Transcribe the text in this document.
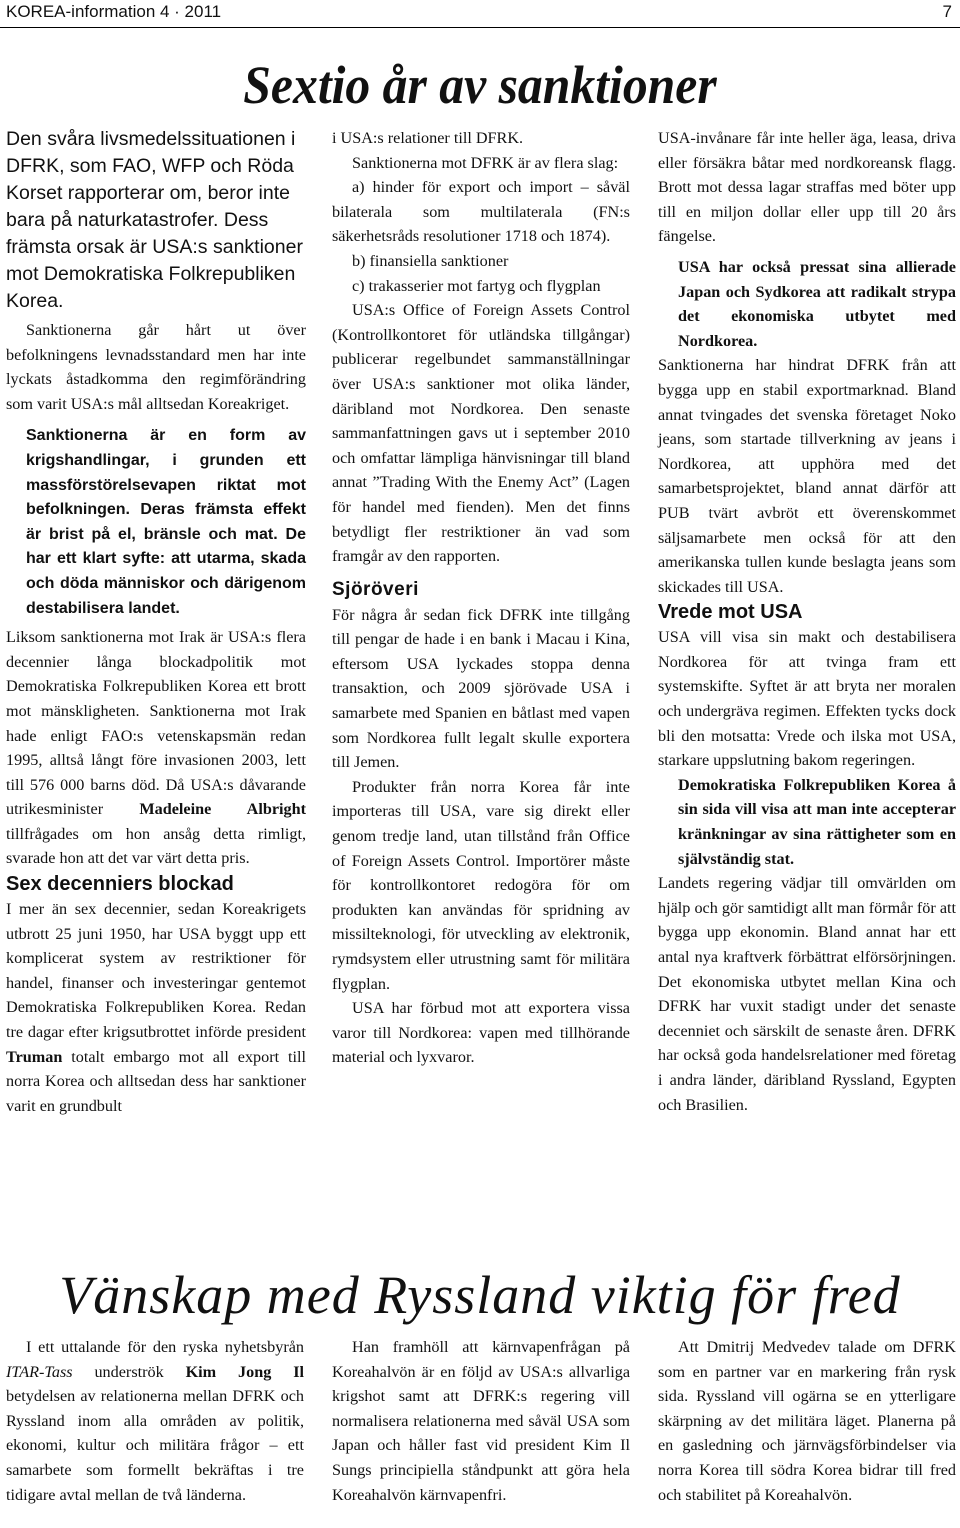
KOREA-information 4 · 2011	7
Sextio år av sanktioner

Den svåra livsmedelssituationen i DFRK, som FAO, WFP och Röda Korset rapporterar om, beror inte bara på naturkatastrofer. Dess främsta orsak är USA:s sanktioner mot Demokratiska Folkrepubliken Korea.

Sanktionerna går hårt ut över befolkningens levnadsstandard men har inte lyckats åstadkomma den regimförändring som varit USA:s mål alltsedan Koreakriget.

Sanktionerna är en form av krigshandlingar, i grunden ett massförstörelsevapen riktat mot befolkningen. Deras främsta effekt är brist på el, bränsle och mat. De har ett klart syfte: att utarma, skada och döda människor och därigenom destabilisera landet.

Liksom sanktionerna mot Irak är USA:s flera decennier långa blockadpolitik mot Demokratiska Folkrepubliken Korea ett brott mot mänskligheten. Sanktionerna mot Irak hade enligt FAO:s vetenskapsmän redan 1995, alltså långt före invasionen 2003, lett till 576 000 barns död. Då USA:s dåvarande utrikesminister Madeleine Albright tillfrågades om hon ansåg detta rimligt, svarade hon att det var värt detta pris.

Sex decenniers blockad

I mer än sex decennier, sedan Koreakrigets utbrott 25 juni 1950, har USA byggt upp ett komplicerat system av restriktioner för handel, finanser och investeringar gentemot Demokratiska Folkrepubliken Korea. Redan tre dagar efter krigsutbrottet införde president Truman totalt embargo mot all export till norra Korea och alltsedan dess har sanktioner varit en grundbult

i USA:s relationer till DFRK.

Sanktionerna mot DFRK är av flera slag:

a) hinder för export och import – såväl bilaterala som multilaterala (FN:s säkerhetsråds resolutioner 1718 och 1874).

b) finansiella sanktioner

c) trakasserier mot fartyg och flygplan

USA:s Office of Foreign Assets Control (Kontrollkontoret för utländska tillgångar) publicerar regelbundet sammanställningar över USA:s sanktioner mot olika länder, däribland mot Nordkorea. Den senaste sammanfattningen gavs ut i september 2010 och omfattar lämpliga hänvisningar till bland annat ”Trading With the Enemy Act” (Lagen för handel med fienden). Men det finns betydligt fler restriktioner än vad som framgår av den rapporten.

Sjöröveri

För några år sedan fick DFRK inte tillgång till pengar de hade i en bank i Macau i Kina, eftersom USA lyckades stoppa denna transaktion, och 2009 sjörövade USA i samarbete med Spanien en båtlast med vapen som Nordkorea fullt legalt skulle exportera till Jemen.

Produkter från norra Korea får inte importeras till USA, vare sig direkt eller genom tredje land, utan tillstånd från Office of Foreign Assets Control. Importörer måste för kontrollkontoret redogöra för om produkten kan användas för spridning av missilteknologi, för utveckling av elektronik, rymdsystem eller utrustning samt för militära flygplan.

USA har förbud mot att exportera vissa varor till Nordkorea: vapen med tillhörande material och lyxvaror.

USA-invånare får inte heller äga, leasa, driva eller försäkra båtar med nordkoreansk flagg. Brott mot dessa lagar straffas med böter upp till en miljon dollar eller upp till 20 års fängelse.

USA har också pressat sina allierade Japan och Sydkorea att radikalt strypa det ekonomiska utbytet med Nordkorea.

Sanktionerna har hindrat DFRK från att bygga upp en stabil exportmarknad. Bland annat tvingades det svenska företaget Noko jeans, som startade tillverkning av jeans i Nordkorea, att upphöra med det samarbetsprojektet, bland annat därför att PUB tvärt avbröt ett överenskommet säljsamarbete men också för att den amerikanska tullen kunde beslagta jeans som skickades till USA.

Vrede mot USA

USA vill visa sin makt och destabilisera Nordkorea för att tvinga fram ett systemskifte. Syftet är att bryta ner moralen och undergräva regimen. Effekten tycks dock bli den motsatta: Vrede och ilska mot USA, starkare uppslutning bakom regeringen.

Demokratiska Folkrepubliken Korea å sin sida vill visa att man inte accepterar kränkningar av sina rättigheter som en självständig stat.

Landets regering vädjar till omvärlden om hjälp och gör samtidigt allt man förmår för att bygga upp ekonomin. Bland annat har ett antal nya kraftverk förbättrat elförsörjningen. Det ekonomiska utbytet mellan Kina och DFRK har vuxit stadigt under det senaste decenniet och särskilt de senaste åren. DFRK har också goda handelsrelationer med företag i andra länder, däribland Ryssland, Egypten och Brasilien.

Vänskap med Ryssland viktig för fred

I ett uttalande för den ryska nyhetsbyrån ITAR-Tass underströk Kim Jong Il betydelsen av relationerna mellan DFRK och Ryssland inom alla områden av politik, ekonomi, kultur och militära frågor – ett samarbete som formellt bekräftas i tre tidigare avtal mellan de två länderna.

Han framhöll att kärnvapenfrågan på Koreahalvön är en följd av USA:s allvarliga krigshot samt att DFRK:s regering vill normalisera relationerna med såväl USA som Japan och håller fast vid president Kim Il Sungs principiella ståndpunkt att göra hela Koreahalvön kärnvapenfri.

Att Dmitrij Medvedev talade om DFRK som en partner var en markering från rysk sida. Ryssland vill ogärna se en ytterligare skärpning av det militära läget. Planerna på en gasledning och järnvägsförbindelser via norra Korea till södra Korea bidrar till fred och stabilitet på Koreahalvön.
